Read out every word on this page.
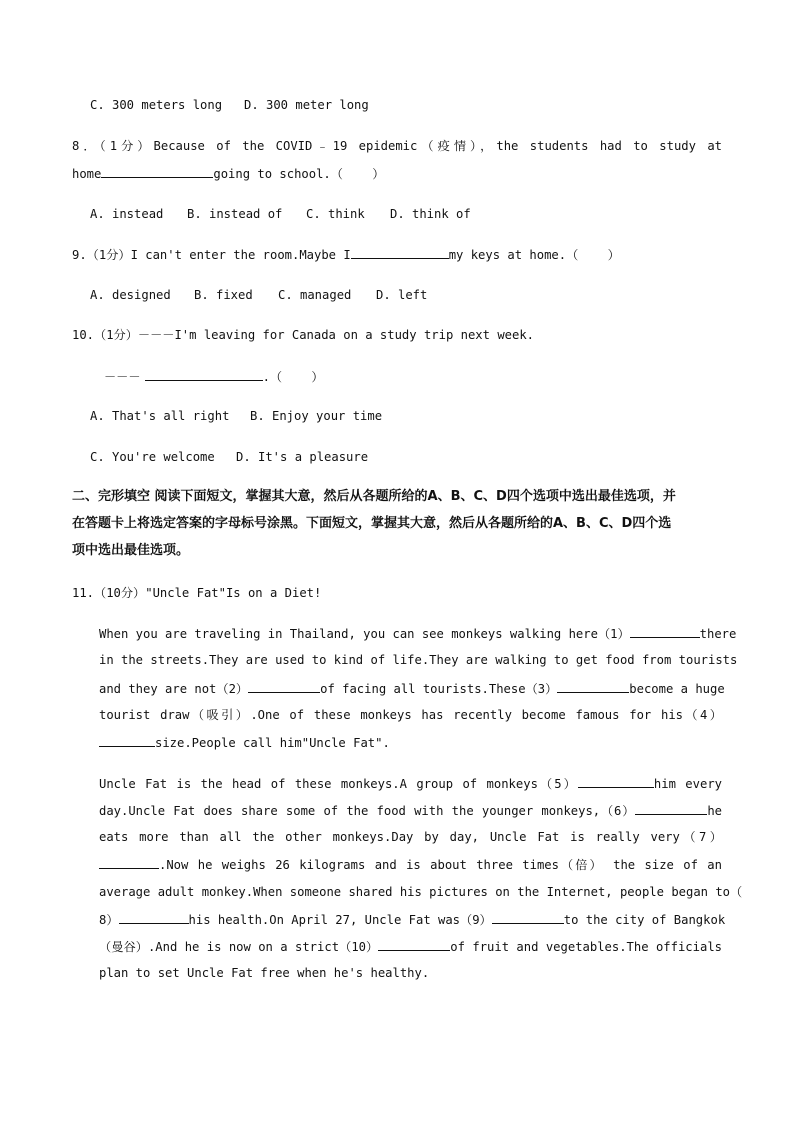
C. 300 meters long D. 300 meter long
8．（1分）Because of the COVID﹣19 epidemic（疫情），the students had to study at
home	going to school.（    ）
A. instead B. instead of C. think D. think of
9.（1分）I can't enter the room.Maybe I	my keys at home.（    ）
A. designed B. fixed C. managed D. left
10.（1分）－－－I'm leaving for Canada on a study trip next week.
－－－	.（    ）
A. That's all right B. Enjoy your time
C. You're welcome D. It's a pleasure
二、完形填空 阅读下面短文，掌握其大意，然后从各题所给的A、B、C、D四个选项中选出最佳选项，并
在答题卡上将选定答案的字母标号涂黑。下面短文，掌握其大意，然后从各题所给的A、B、C、D四个选
项中选出最佳选项。
11.（10分）"Uncle Fat"Is on a Diet!
When you are traveling in Thailand, you can see monkeys walking here（1）	there
in the streets.They are used to kind of life.They are walking to get food from tourists
and they are not（2）	of facing all tourists.These（3）	become a huge
tourist draw（吸引）.One of these monkeys has recently become famous for his（4）
size.People call him"Uncle Fat".
Uncle Fat is the head of these monkeys.A group of monkeys（5）	him every
day.Uncle Fat does share some of the food with the younger monkeys,（6）	he
eats more than all the other monkeys.Day by day, Uncle Fat is really very（7）
.Now he weighs 26 kilograms and is about three times（倍） the size of an
average adult monkey.When someone shared his pictures on the Internet, people began to（
8）	his health.On April 27, Uncle Fat was（9）	to the city of Bangkok
（曼谷）.And he is now on a strict（10）	of fruit and vegetables.The officials
plan to set Uncle Fat free when he's healthy.
